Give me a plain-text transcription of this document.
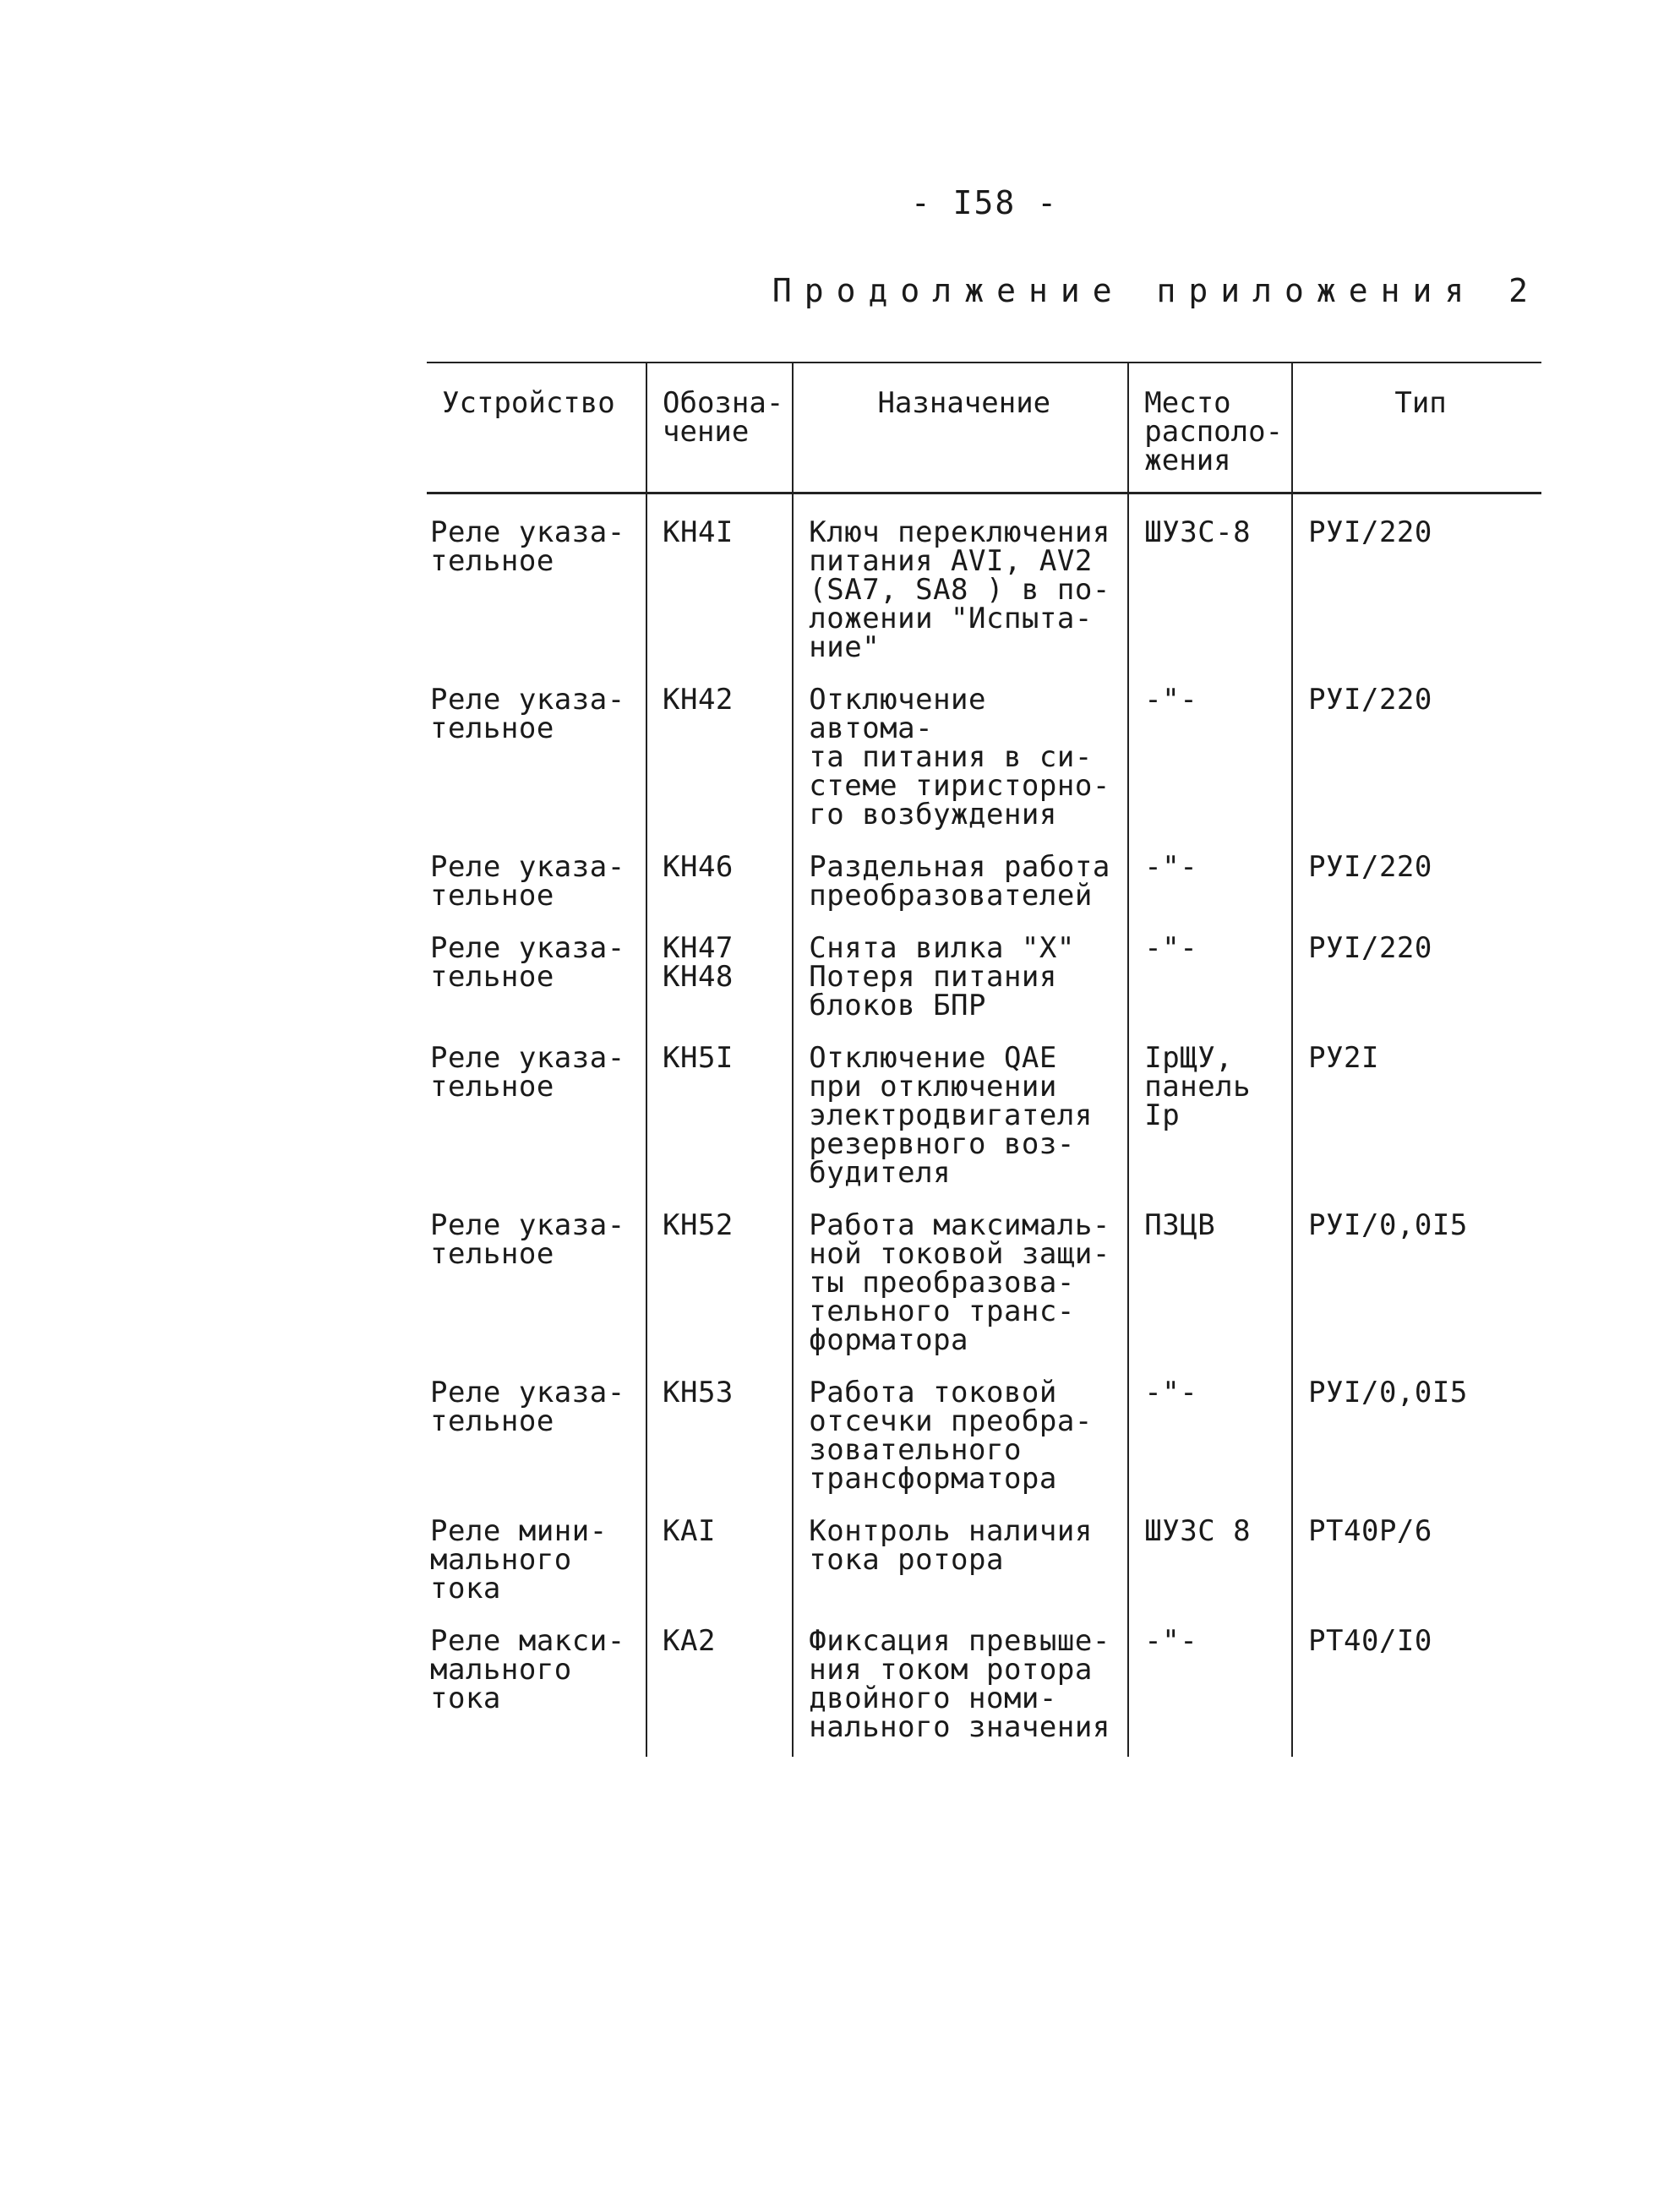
- I58 -
Продолжение приложения 2
Устройство	Обозна-
чение	Назначение	Место
располо-
жения	Тип
Реле указа-
тельное	КН4I	Ключ переключения
питания AVI, AV2
(SA7, SA8 ) в по-
ложении "Испыта-
ние"	ШУЗС-8	РУI/220
Реле указа-
тельное	КН42	Отключение автома-
та питания в си-
стеме тиристорно-
го возбуждения	-"-	РУI/220
Реле указа-
тельное	КН46	Раздельная работа
преобразователей	-"-	РУI/220
Реле указа-
тельное	КН47
КН48	Снята вилка "Х"
Потеря питания
блоков БПР	-"-	РУI/220
Реле указа-
тельное	КН5I	Отключение QAE
при отключении
электродвигателя
резервного воз-
будителя	IрЩУ,
панель
Iр	РУ2I
Реле указа-
тельное	КН52	Работа максималь-
ной токовой защи-
ты преобразова-
тельного транс-
форматора	ПЗЦВ	РУI/0,0I5
Реле указа-
тельное	КН53	Работа токовой
отсечки преобра-
зовательного
трансформатора	-"-	РУI/0,0I5
Реле мини-
мального
тока	КАI	Контроль наличия
тока ротора	ШУЗС 8	РТ40Р/6
Реле макси-
мального
тока	КА2	Фиксация превыше-
ния током ротора
двойного номи-
нального значения	-"-	РТ40/I0
